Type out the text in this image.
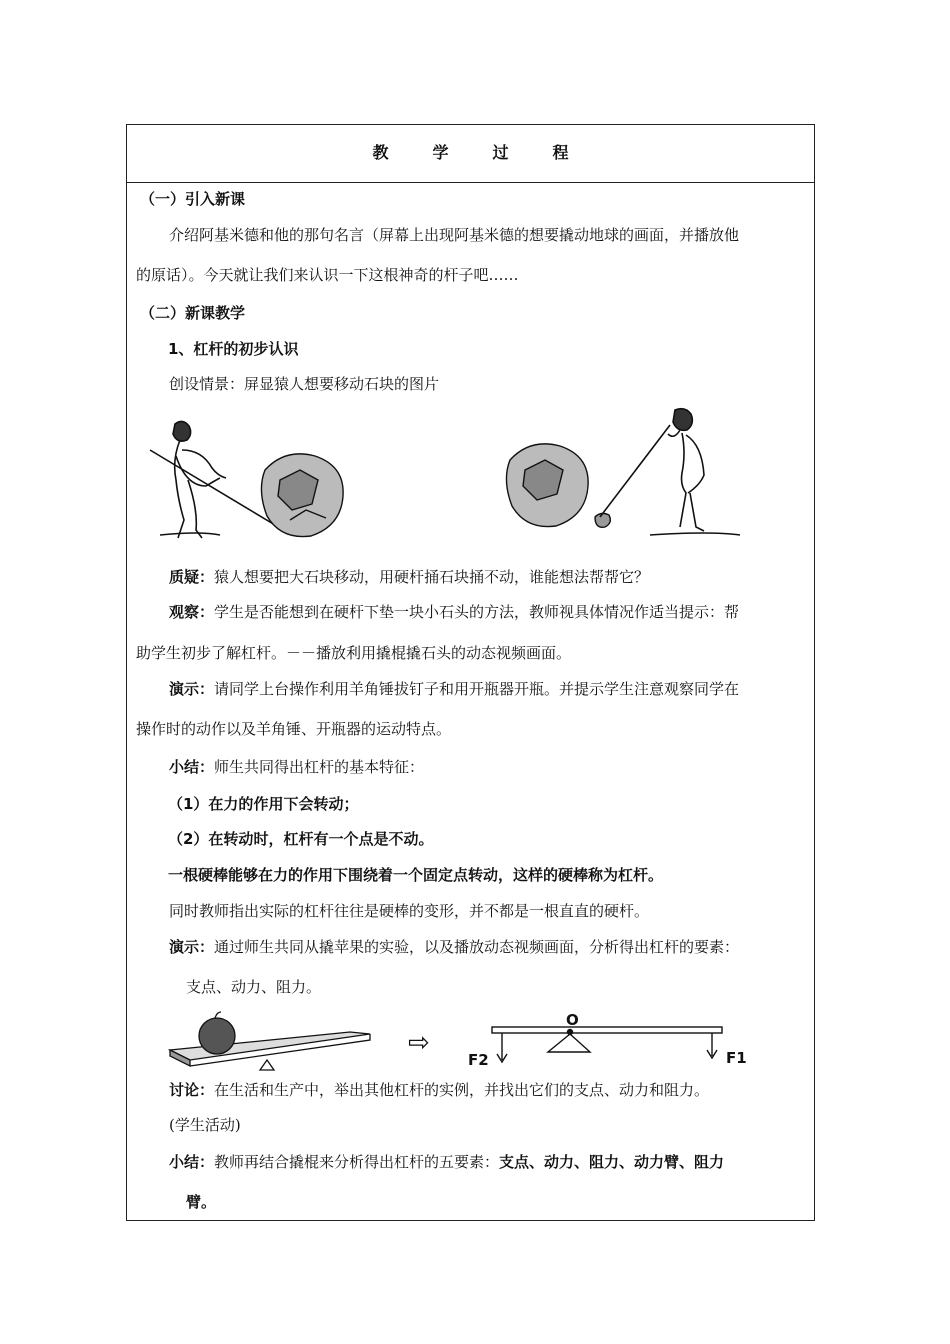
教学过程
（一）引入新课
介绍阿基米德和他的那句名言（屏幕上出现阿基米德的想要撬动地球的画面，并播放他
的原话）。今天就让我们来认识一下这根神奇的杆子吧……
（二）新课教学
1、杠杆的初步认识
创设情景：屏显猿人想要移动石块的图片
质疑：猿人想要把大石块移动，用硬杆捅石块捅不动，谁能想法帮帮它？
观察：学生是否能想到在硬杆下垫一块小石头的方法，教师视具体情况作适当提示：帮
助学生初步了解杠杆。－－播放利用撬棍撬石头的动态视频画面。
演示：请同学上台操作利用羊角锤拔钉子和用开瓶器开瓶。并提示学生注意观察同学在
操作时的动作以及羊角锤、开瓶器的运动特点。
小结：师生共同得出杠杆的基本特征：
（1）在力的作用下会转动；
（2）在转动时，杠杆有一个点是不动。
一根硬棒能够在力的作用下围绕着一个固定点转动，这样的硬棒称为杠杆。
同时教师指出实际的杠杆往往是硬棒的变形，并不都是一根直直的硬杆。
演示：通过师生共同从撬苹果的实验，以及播放动态视频画面，分析得出杠杆的要素：
支点、动力、阻力。
⇨
O
F2	F1
讨论：在生活和生产中，举出其他杠杆的实例，并找出它们的支点、动力和阻力。
(学生活动)
小结：教师再结合撬棍来分析得出杠杆的五要素：支点、动力、阻力、动力臂、阻力
臂。
